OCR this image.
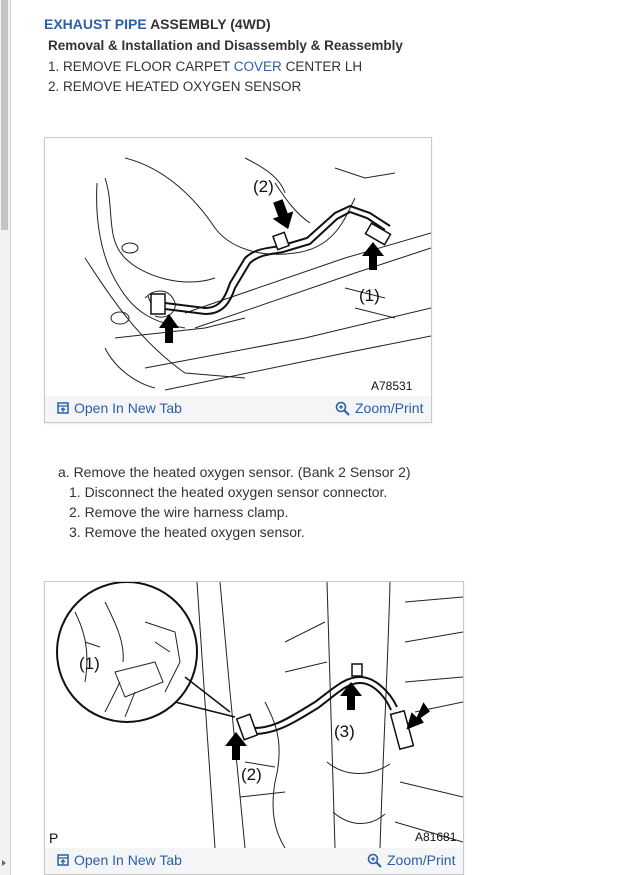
EXHAUST PIPE ASSEMBLY (4WD)
Removal & Installation and Disassembly & Reassembly
1. REMOVE FLOOR CARPET COVER CENTER LH
2. REMOVE HEATED OXYGEN SENSOR
(2)
(1)
A78531
Open In New Tab	Zoom/Print
a. Remove the heated oxygen sensor. (Bank 2 Sensor 2)
1. Disconnect the heated oxygen sensor connector.
2. Remove the wire harness clamp.
3. Remove the heated oxygen sensor.
(1)
(2)
(3)
P	A81681
Open In New Tab	Zoom/Print
